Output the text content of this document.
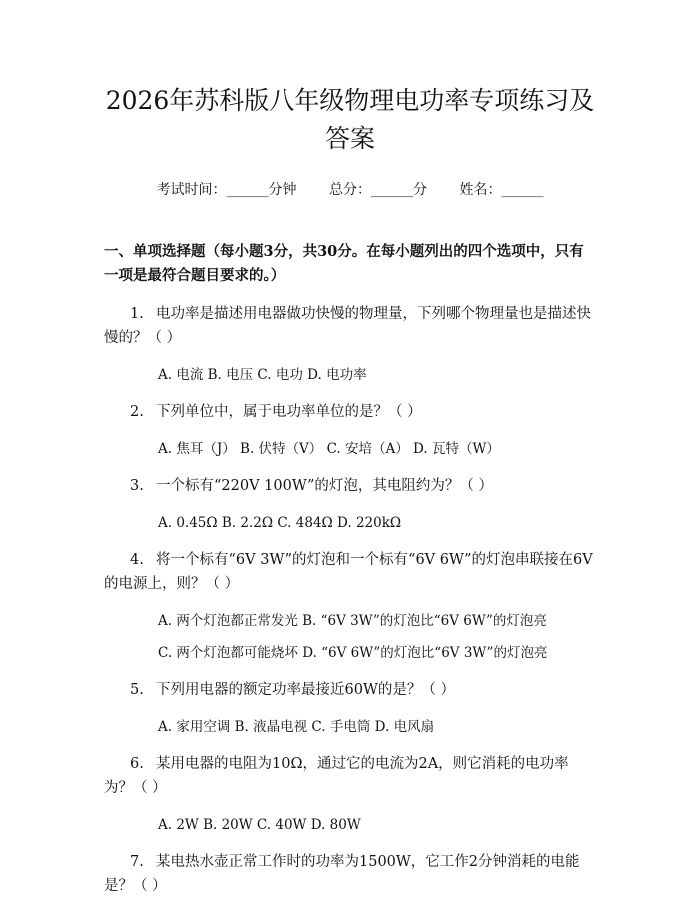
2026年苏科版八年级物理电功率专项练习及答案
考试时间：______分钟 总分：______分 姓名：______
一、单项选择题（每小题3分，共30分。在每小题列出的四个选项中，只有一项是最符合题目要求的。）
1. 电功率是描述用电器做功快慢的物理量，下列哪个物理量也是描述快慢的？（ ）
A. 电流 B. 电压 C. 电功 D. 电功率
2. 下列单位中，属于电功率单位的是？（ ）
A. 焦耳（J） B. 伏特（V） C. 安培（A） D. 瓦特（W）
3. 一个标有“220V 100W”的灯泡，其电阻约为？（ ）
A. 0.45Ω B. 2.2Ω C. 484Ω D. 220kΩ
4. 将一个标有“6V 3W”的灯泡和一个标有“6V 6W”的灯泡串联接在6V的电源上，则？（ ）
A. 两个灯泡都正常发光 B. “6V 3W”的灯泡比“6V 6W”的灯泡亮
C. 两个灯泡都可能烧坏 D. “6V 6W”的灯泡比“6V 3W”的灯泡亮
5. 下列用电器的额定功率最接近60W的是？（ ）
A. 家用空调 B. 液晶电视 C. 手电筒 D. 电风扇
6. 某用电器的电阻为10Ω，通过它的电流为2A，则它消耗的电功率为？（ ）
A. 2W B. 20W C. 40W D. 80W
7. 某电热水壶正常工作时的功率为1500W，它工作2分钟消耗的电能是？（ ）
